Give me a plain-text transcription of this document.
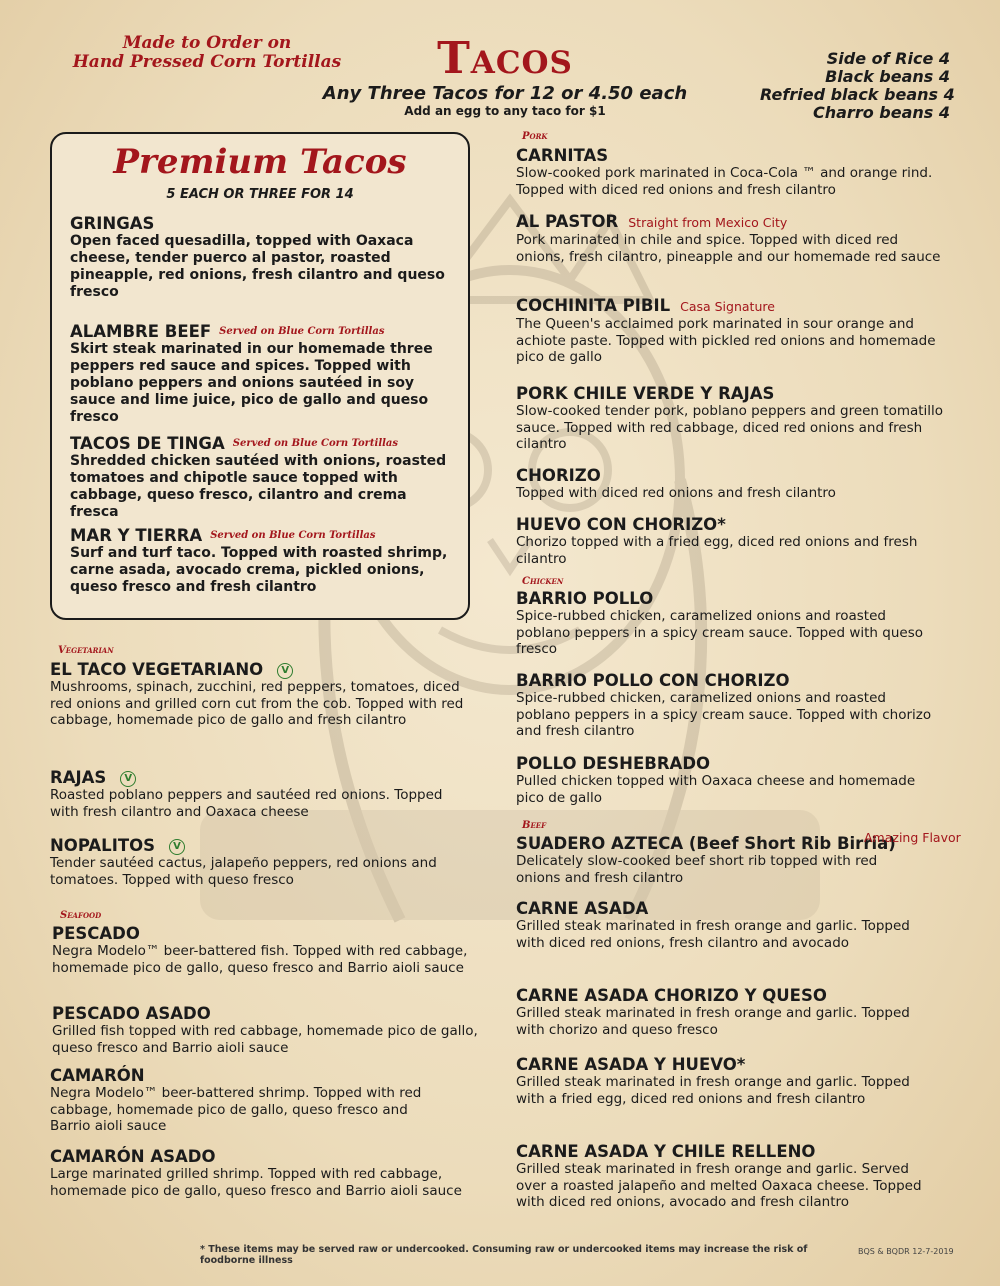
Made to Order on
Hand Pressed Corn Tortillas	Tacos
Any Three Tacos for 12 or 4.50 each
Add an egg to any taco for $1
Side of Rice 4
Black beans 4
Refried black beans 4
Charro beans 4
Premium Tacos
5 EACH OR THREE FOR 14
GRINGAS
Open faced quesadilla, topped with Oaxaca cheese, tender puerco al pastor, roasted pineapple, red onions, fresh cilantro and queso fresco
ALAMBRE BEEF Served on Blue Corn Tortillas
Skirt steak marinated in our homemade three peppers red sauce and spices. Topped with poblano peppers and onions sautéed in soy sauce and lime juice, pico de gallo and queso fresco
TACOS DE TINGA Served on Blue Corn Tortillas
Shredded chicken sautéed with onions, roasted tomatoes and chipotle sauce topped with cabbage, queso fresco, cilantro and crema fresca
MAR Y TIERRA Served on Blue Corn Tortillas
Surf and turf taco. Topped with roasted shrimp, carne asada, avocado crema, pickled onions, queso fresco and fresh cilantro
Vegetarian
EL TACO VEGETARIANO V
Mushrooms, spinach, zucchini, red peppers, tomatoes, diced red onions and grilled corn cut from the cob. Topped with red cabbage, homemade pico de gallo and fresh cilantro
RAJAS V
Roasted poblano peppers and sautéed red onions. Topped with fresh cilantro and Oaxaca cheese
NOPALITOS V
Tender sautéed cactus, jalapeño peppers, red onions and tomatoes. Topped with queso fresco
Seafood
PESCADO
Negra Modelo™ beer-battered fish. Topped with red cabbage, homemade pico de gallo, queso fresco and Barrio aioli sauce
PESCADO ASADO
Grilled fish topped with red cabbage, homemade pico de gallo, queso fresco and Barrio aioli sauce
CAMARÓN
Negra Modelo™ beer-battered shrimp. Topped with red cabbage, homemade pico de gallo, queso fresco and Barrio aioli sauce
CAMARÓN ASADO
Large marinated grilled shrimp. Topped with red cabbage, homemade pico de gallo, queso fresco and Barrio aioli sauce
Pork
CARNITAS
Slow-cooked pork marinated in Coca-Cola ™ and orange rind. Topped with diced red onions and fresh cilantro
AL PASTOR Straight from Mexico City
Pork marinated in chile and spice. Topped with diced red onions, fresh cilantro, pineapple and our homemade red sauce
COCHINITA PIBIL Casa Signature
The Queen's acclaimed pork marinated in sour orange and achiote paste. Topped with pickled red onions and homemade pico de gallo
PORK CHILE VERDE Y RAJAS
Slow-cooked tender pork, poblano peppers and green tomatillo sauce. Topped with red cabbage, diced red onions and fresh cilantro
CHORIZO
Topped with diced red onions and fresh cilantro
HUEVO CON CHORIZO*
Chorizo topped with a fried egg, diced red onions and fresh cilantro
Chicken
BARRIO POLLO
Spice-rubbed chicken, caramelized onions and roasted poblano peppers in a spicy cream sauce. Topped with queso fresco
BARRIO POLLO CON CHORIZO
Spice-rubbed chicken, caramelized onions and roasted poblano peppers in a spicy cream sauce. Topped with chorizo and fresh cilantro
POLLO DESHEBRADO
Pulled chicken topped with Oaxaca cheese and homemade pico de gallo
Beef
SUADERO AZTECA (Beef Short Rib Birria)
Delicately slow-cooked beef short rib topped with red onions and fresh cilantro
Amazing Flavor
CARNE ASADA
Grilled steak marinated in fresh orange and garlic. Topped with diced red onions, fresh cilantro and avocado
CARNE ASADA CHORIZO Y QUESO
Grilled steak marinated in fresh orange and garlic. Topped with chorizo and queso fresco
CARNE ASADA Y HUEVO*
Grilled steak marinated in fresh orange and garlic. Topped with a fried egg, diced red onions and fresh cilantro
CARNE ASADA Y CHILE RELLENO
Grilled steak marinated in fresh orange and garlic. Served over a roasted jalapeño and melted Oaxaca cheese. Topped with diced red onions, avocado and fresh cilantro
* These items may be served raw or undercooked. Consuming raw or undercooked items may increase the risk of foodborne illness
BQS & BQDR 12-7-2019
